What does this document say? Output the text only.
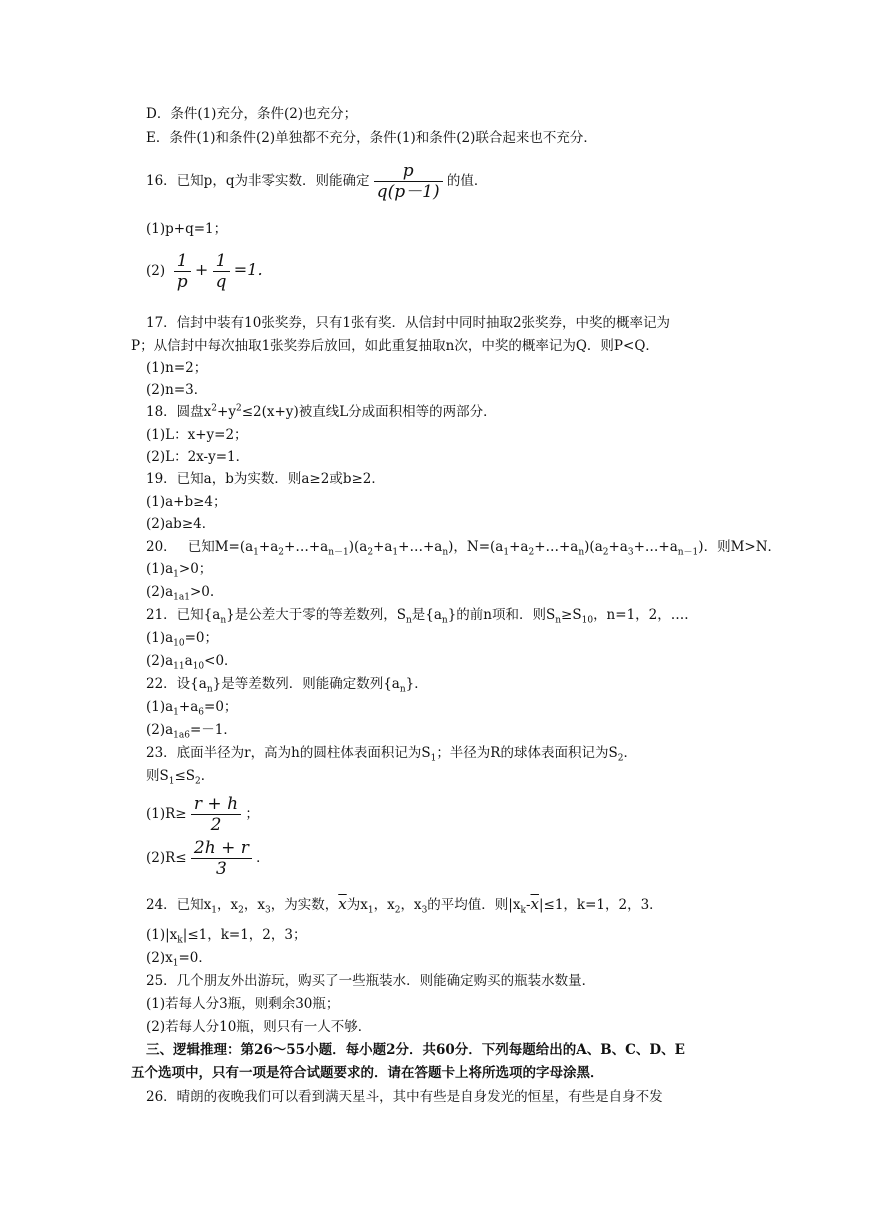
D．条件(1)充分，条件(2)也充分；
E．条件(1)和条件(2)单独都不充分，条件(1)和条件(2)联合起来也不充分．
16．已知p，q为非零实数．则能确定 $\frac{p}{q(p-1)}$ 的值．
(1)p+q=1；
$(2) \frac{1}{p} + \frac{1}{q} =1$．
17．信封中装有10张奖券，只有1张有奖．从信封中同时抽取2张奖券，中奖的概率记为
P；从信封中每次抽取1张奖券后放回，如此重复抽取n次，中奖的概率记为Q．则P<Q．
(1)n=2；
(2)n=3．
18．圆盘$x^2+y^2\le 2(x+y)$被直线L分成面积相等的两部分．
(1)L：x+y=2；
(2)L：2x-y=1．
19．已知a，b为实数．则a≥2或b≥2．
(1)a+b≥4；
(2)ab≥4．
20．　 已知$M=(a_1+a_2+\dots+a_{n-1})(a_2+a_1+\dots+a_n)$，$N=(a_1+a_2+\dots+a_n)(a_2+a_3+\dots+a_{n-1})$．则M>N．
$(1)a_1>0$；
$(2)a_{1a1}>0$.
21．已知$\{a_n\}$是公差大于零的等差数列，$S_n$是$\{a_n\}$的前n项和．则$S_n\ge S_{10}$，n=1，2，….
$(1)a_{10}=0$；
$(2)a_{11}a_{10}<0$．
22．设$\{a_n\}$是等差数列．则能确定数列$\{a_n\}$．
$(1)a_1+a_6=0$；
$(2)a_{1a6}=-1$．
23．底面半径为r，高为h的圆柱体表面积记为$S_1$；半径为R的球体表面积记为$S_2$．
则$S_1\le S_2$．
$(1)R\ge \frac{r + h}{2}$ ；
$(2)R\le \frac{2h + r}{3}$ ．
24．已知$x_1$，$x_2$，$x_3$，为实数，$\overline{x}$为$x_1$，$x_2$，$x_3$的平均值．则$|x_k-\overline{x}|\le 1$，k=1，2，3．
$(1)|x_k|\le 1$，k=1，2，3；
$(2)x_1=0$．
25．几个朋友外出游玩，购买了一些瓶装水．则能确定购买的瓶装水数量．
(1)若每人分3瓶，则剩余30瓶；
(2)若每人分10瓶，则只有一人不够．
三、逻辑推理：第26～55小题．每小题2分．共60分．下列每题给出的A、B、C、D、E
五个选项中，只有一项是符合试题要求的．请在答题卡上将所选项的字母涂黑．
26．晴朗的夜晚我们可以看到满天星斗，其中有些是自身发光的恒星，有些是自身不发
